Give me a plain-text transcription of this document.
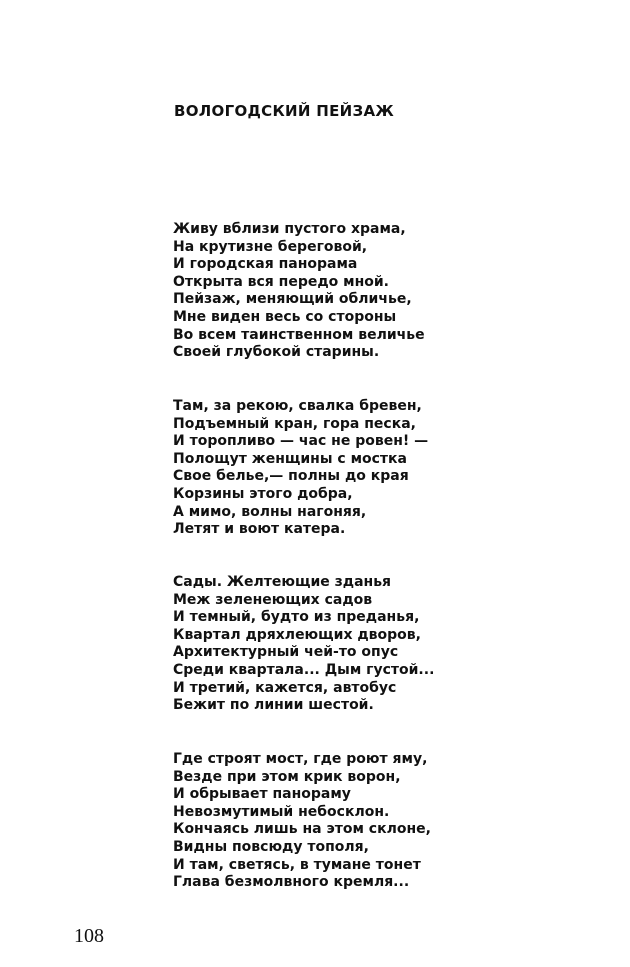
ВОЛОГОДСКИЙ ПЕЙЗАЖ
Живу вблизи пустого храма,
На крутизне береговой,
И городская панорама
Открыта вся передо мной.
Пейзаж, меняющий обличье,
Мне виден весь со стороны
Во всем таинственном величье
Своей глубокой старины.
Там, за рекою, свалка бревен,
Подъемный кран, гора песка,
И торопливо — час не ровен! —
Полощут женщины с мостка
Свое белье,— полны до края
Корзины этого добра,
А мимо, волны нагоняя,
Летят и воют катера.
Сады. Желтеющие зданья
Меж зеленеющих садов
И темный, будто из преданья,
Квартал дряхлеющих дворов,
Архитектурный чей-то опус
Среди квартала... Дым густой...
И третий, кажется, автобус
Бежит по линии шестой.
Где строят мост, где роют яму,
Везде при этом крик ворон,
И обрывает панораму
Невозмутимый небосклон.
Кончаясь лишь на этом склоне,
Видны повсюду тополя,
И там, светясь, в тумане тонет
Глава безмолвного кремля...
108
